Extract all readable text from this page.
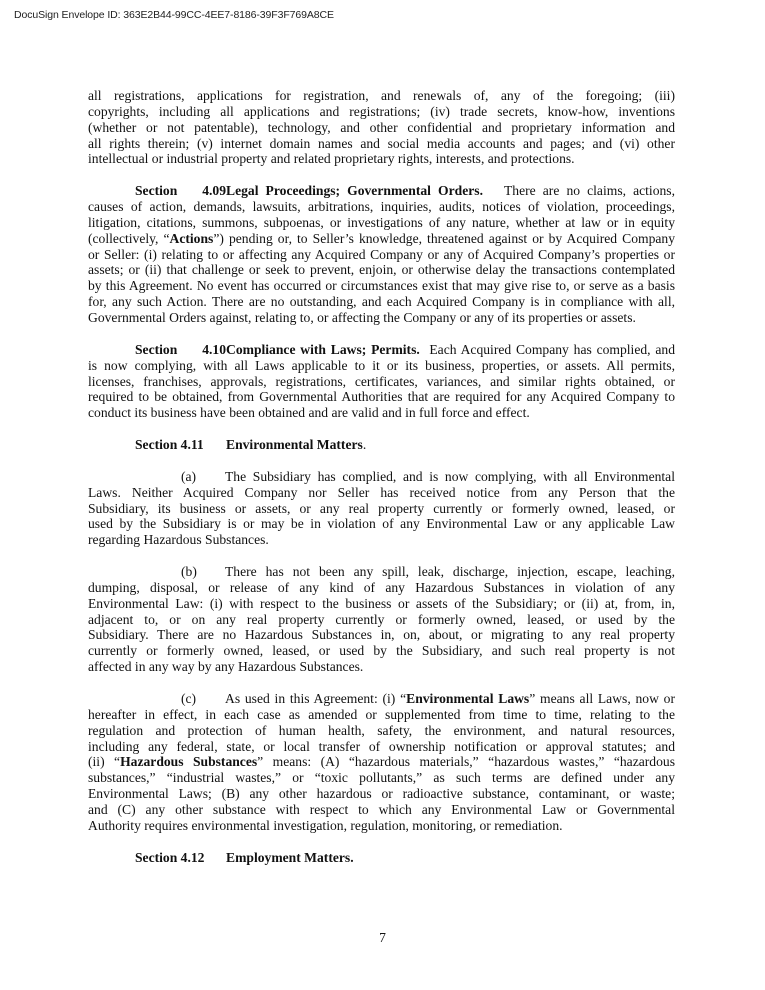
DocuSign Envelope ID: 363E2B44-99CC-4EE7-8186-39F3F769A8CE
all registrations, applications for registration, and renewals of, any of the foregoing; (iii)
copyrights, including all applications and registrations; (iv) trade secrets, know-how, inventions
(whether or not patentable), technology, and other confidential and proprietary information and
all rights therein; (v) internet domain names and social media accounts and pages; and (vi) other
intellectual or industrial property and related proprietary rights, interests, and protections.
Section 4.09Legal Proceedings; Governmental Orders. There are no claims, actions,
causes of action, demands, lawsuits, arbitrations, inquiries, audits, notices of violation, proceedings,
litigation, citations, summons, subpoenas, or investigations of any nature, whether at law or in equity
(collectively, “Actions”) pending or, to Seller’s knowledge, threatened against or by Acquired Company
or Seller: (i) relating to or affecting any Acquired Company or any of Acquired Company’s properties or
assets; or (ii) that challenge or seek to prevent, enjoin, or otherwise delay the transactions contemplated
by this Agreement. No event has occurred or circumstances exist that may give rise to, or serve as a basis
for, any such Action. There are no outstanding, and each Acquired Company is in compliance with all,
Governmental Orders against, relating to, or affecting the Company or any of its properties or assets.
Section 4.10Compliance with Laws; Permits. Each Acquired Company has complied, and
is now complying, with all Laws applicable to it or its business, properties, or assets. All permits,
licenses, franchises, approvals, registrations, certificates, variances, and similar rights obtained, or
required to be obtained, from Governmental Authorities that are required for any Acquired Company to
conduct its business have been obtained and are valid and in full force and effect.
Section 4.11 Environmental Matters.
(a) The Subsidiary has complied, and is now complying, with all Environmental
Laws. Neither Acquired Company nor Seller has received notice from any Person that the
Subsidiary, its business or assets, or any real property currently or formerly owned, leased, or
used by the Subsidiary is or may be in violation of any Environmental Law or any applicable Law
regarding Hazardous Substances.
(b) There has not been any spill, leak, discharge, injection, escape, leaching,
dumping, disposal, or release of any kind of any Hazardous Substances in violation of any
Environmental Law: (i) with respect to the business or assets of the Subsidiary; or (ii) at, from, in,
adjacent to, or on any real property currently or formerly owned, leased, or used by the
Subsidiary. There are no Hazardous Substances in, on, about, or migrating to any real property
currently or formerly owned, leased, or used by the Subsidiary, and such real property is not
affected in any way by any Hazardous Substances.
(c) As used in this Agreement: (i) “Environmental Laws” means all Laws, now or
hereafter in effect, in each case as amended or supplemented from time to time, relating to the
regulation and protection of human health, safety, the environment, and natural resources,
including any federal, state, or local transfer of ownership notification or approval statutes; and
(ii) “Hazardous Substances” means: (A) “hazardous materials,” “hazardous wastes,” “hazardous
substances,” “industrial wastes,” or “toxic pollutants,” as such terms are defined under any
Environmental Laws; (B) any other hazardous or radioactive substance, contaminant, or waste;
and (C) any other substance with respect to which any Environmental Law or Governmental
Authority requires environmental investigation, regulation, monitoring, or remediation.
Section 4.12 Employment Matters.
7
